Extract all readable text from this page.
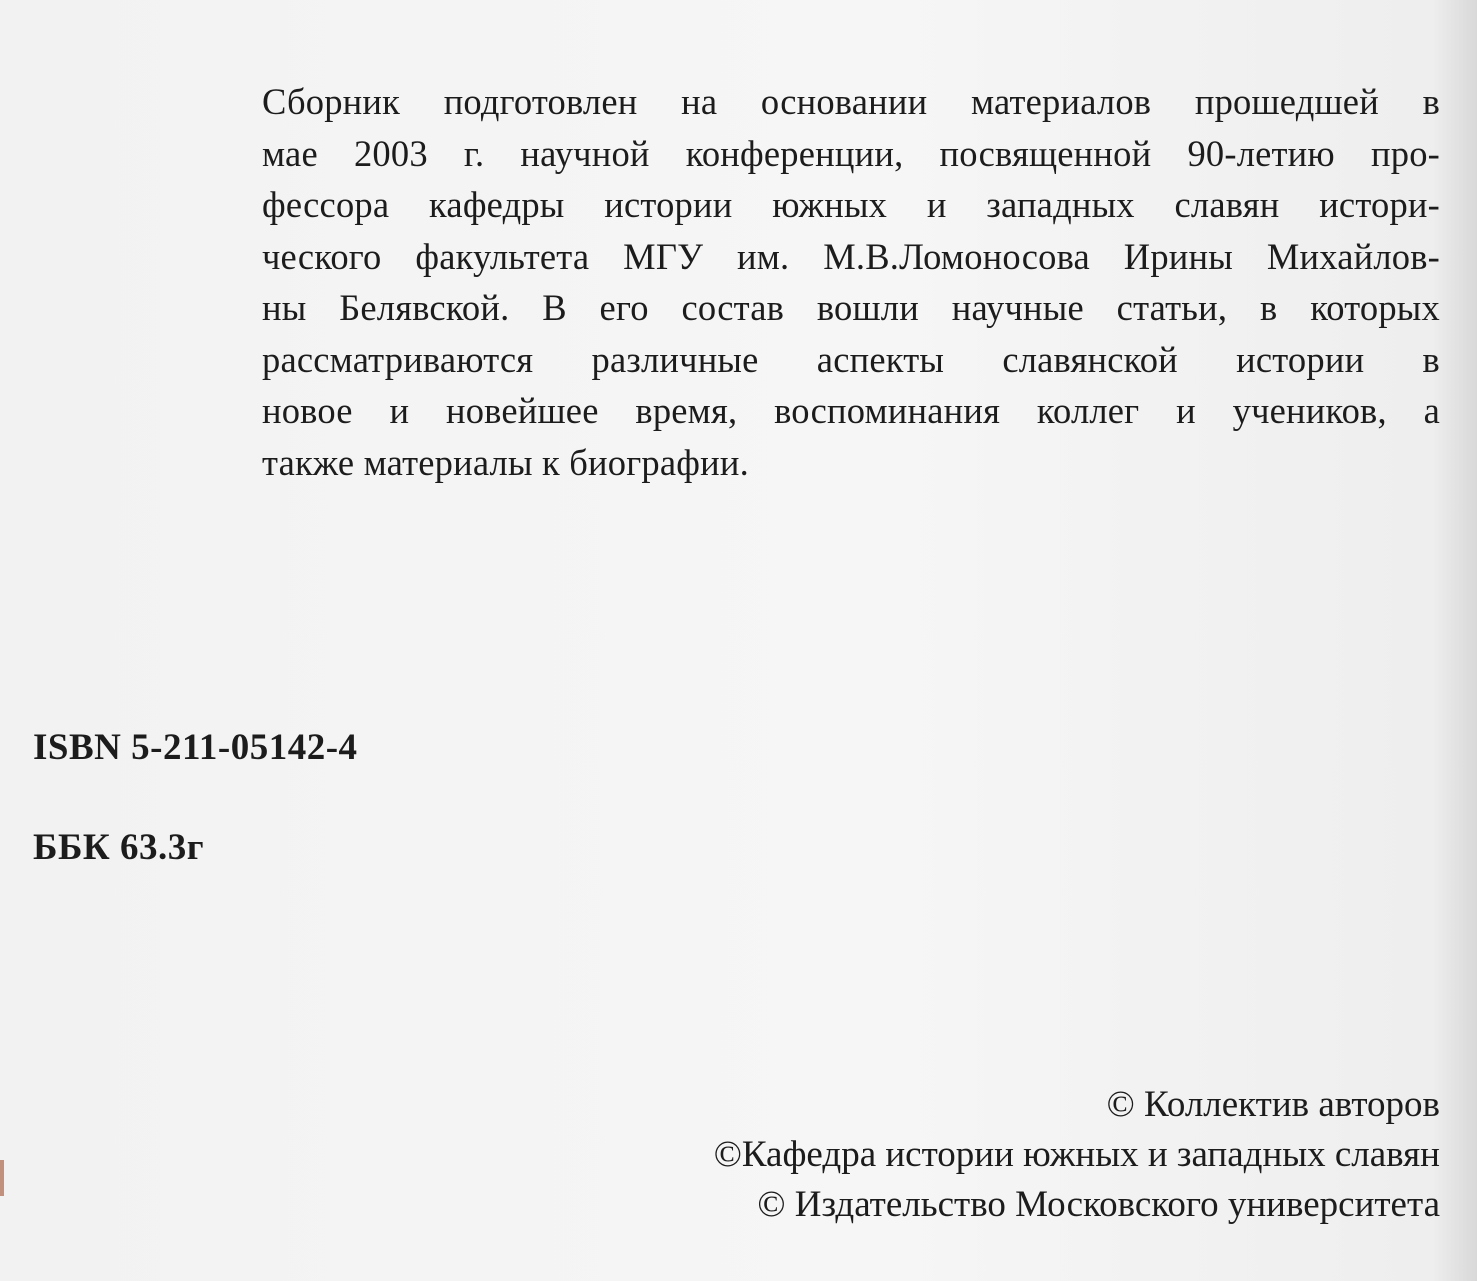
Сборник подготовлен на основании материалов прошедшей в
мае 2003 г. научной конференции, посвященной 90-летию про-
фессора кафедры истории южных и западных славян истори-
ческого факультета МГУ им. М.В.Ломоносова Ирины Михайлов-
ны Белявской. В его состав вошли научные статьи, в которых
рассматриваются различные аспекты славянской истории в
новое и новейшее время, воспоминания коллег и учеников, а
также материалы к биографии.
ISBN 5-211-05142-4
ББК 63.3г
© Коллектив авторов
©Кафедра истории южных и западных славян
© Издательство Московского университета
